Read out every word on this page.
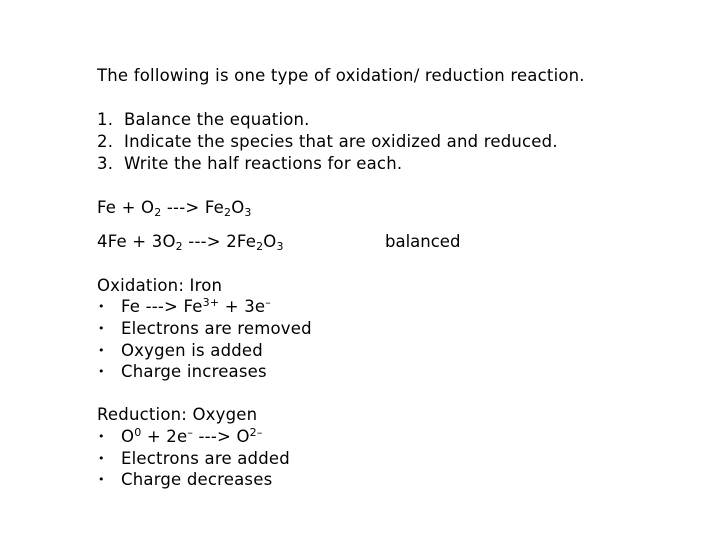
The following is one type of oxidation/ reduction reaction.
1. Balance the equation.
2. Indicate the species that are oxidized and reduced.
3. Write the half reactions for each.
$Fe + O_2$ ---> $Fe_2O_3$
$4Fe + 3O_2$ ---> $2Fe_2O_3$	balanced
Oxidation: Iron
• Fe ---> $Fe^{3+} + 3e^-$
• Electrons are removed
• Oxygen is added
• Charge increases
Reduction: Oxygen
• $O^0 + 2e^-$ ---> $O^{2-}$
• Electrons are added
• Charge decreases
